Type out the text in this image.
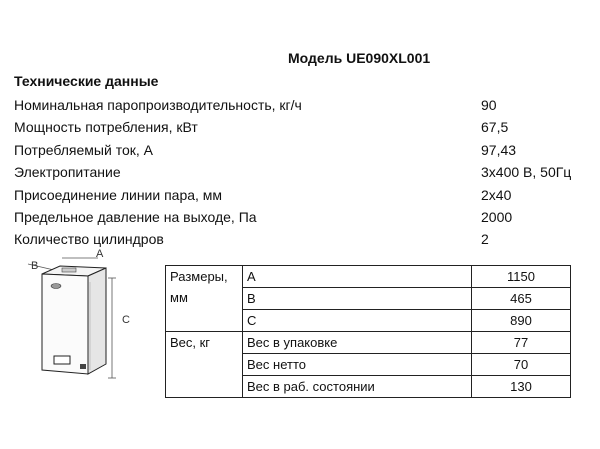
Модель UE090XL001
Технические данные
Номинальная паропроизводительность, кг/ч	90
Мощность потребления, кВт	67,5
Потребляемый ток, А	97,43
Электропитание	3х400 В, 50Гц
Присоединение линии пара, мм	2х40
Предельное давление на выходе, Па	2000
Количество цилиндров	2
A
B
C
Размеры, мм	A	1150
	B	465
	C	890
Вес, кг	Вес в упаковке	77
	Вес нетто	70
	Вес в раб. состоянии	130
